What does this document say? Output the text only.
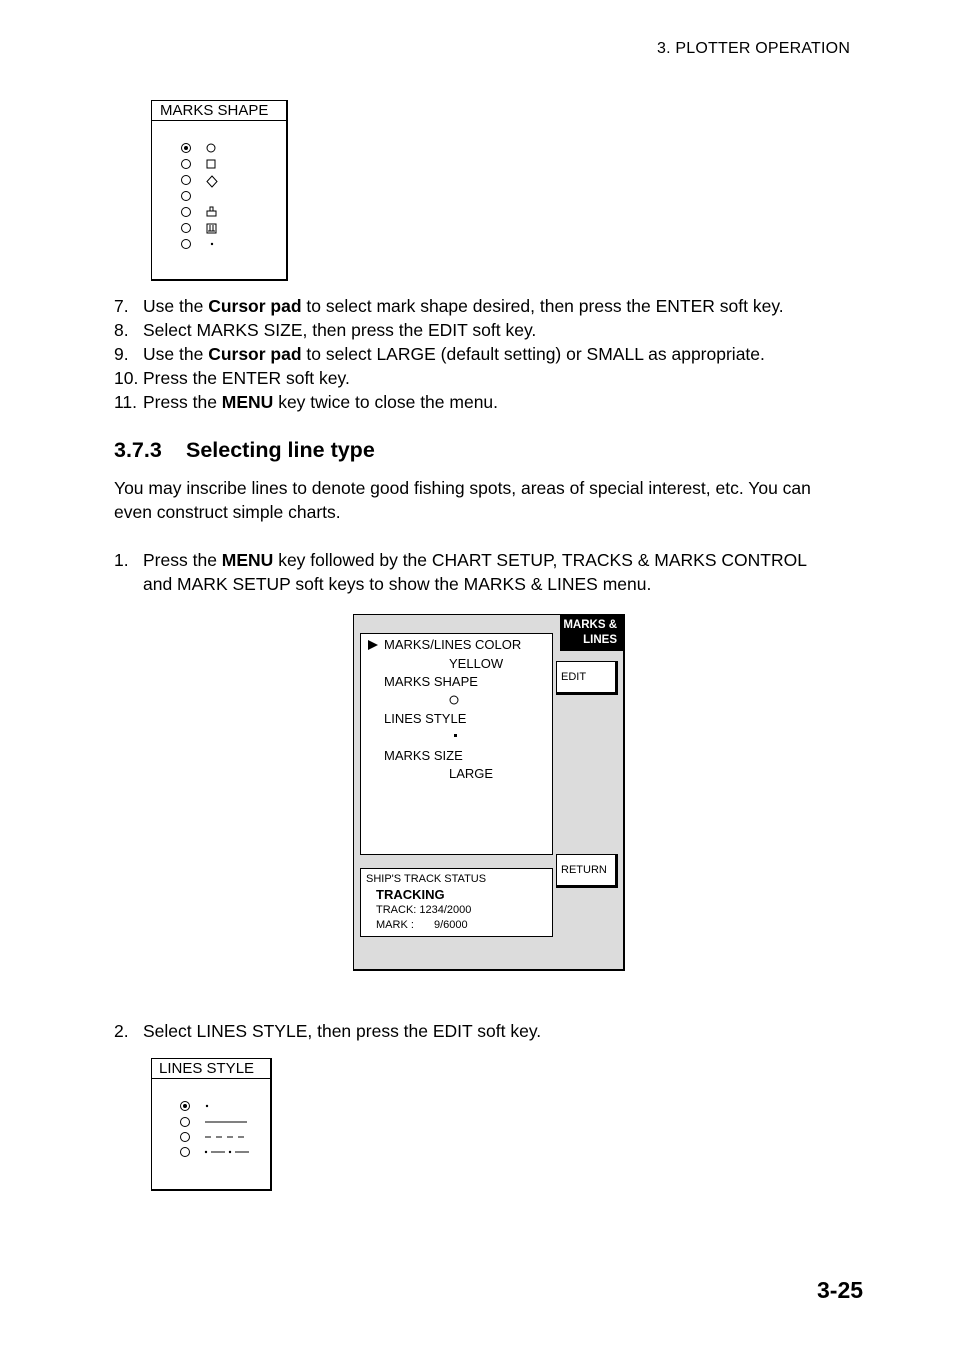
3. PLOTTER OPERATION
MARKS SHAPE
7. Use the Cursor pad to select mark shape desired, then press the ENTER soft key.
8. Select MARKS SIZE, then press the EDIT soft key.
9. Use the Cursor pad to select LARGE (default setting) or SMALL as appropriate.
10. Press the ENTER soft key.
11. Press the MENU key twice to close the menu.
3.7.3 Selecting line type
You may inscribe lines to denote good fishing spots, areas of special interest, etc. You can
even construct simple charts.
1. Press the MENU key followed by the CHART SETUP, TRACKS & MARKS CONTROL
and MARK SETUP soft keys to show the MARKS & LINES menu.
MARKS &
LINES
MARKS/LINES COLOR
YELLOW
MARKS SHAPE
LINES STYLE
MARKS SIZE
LARGE
EDIT
RETURN
SHIP'S TRACK STATUS
TRACKING
TRACK: 1234/2000
MARK : 9/6000
2. Select LINES STYLE, then press the EDIT soft key.
LINES STYLE
3-25
